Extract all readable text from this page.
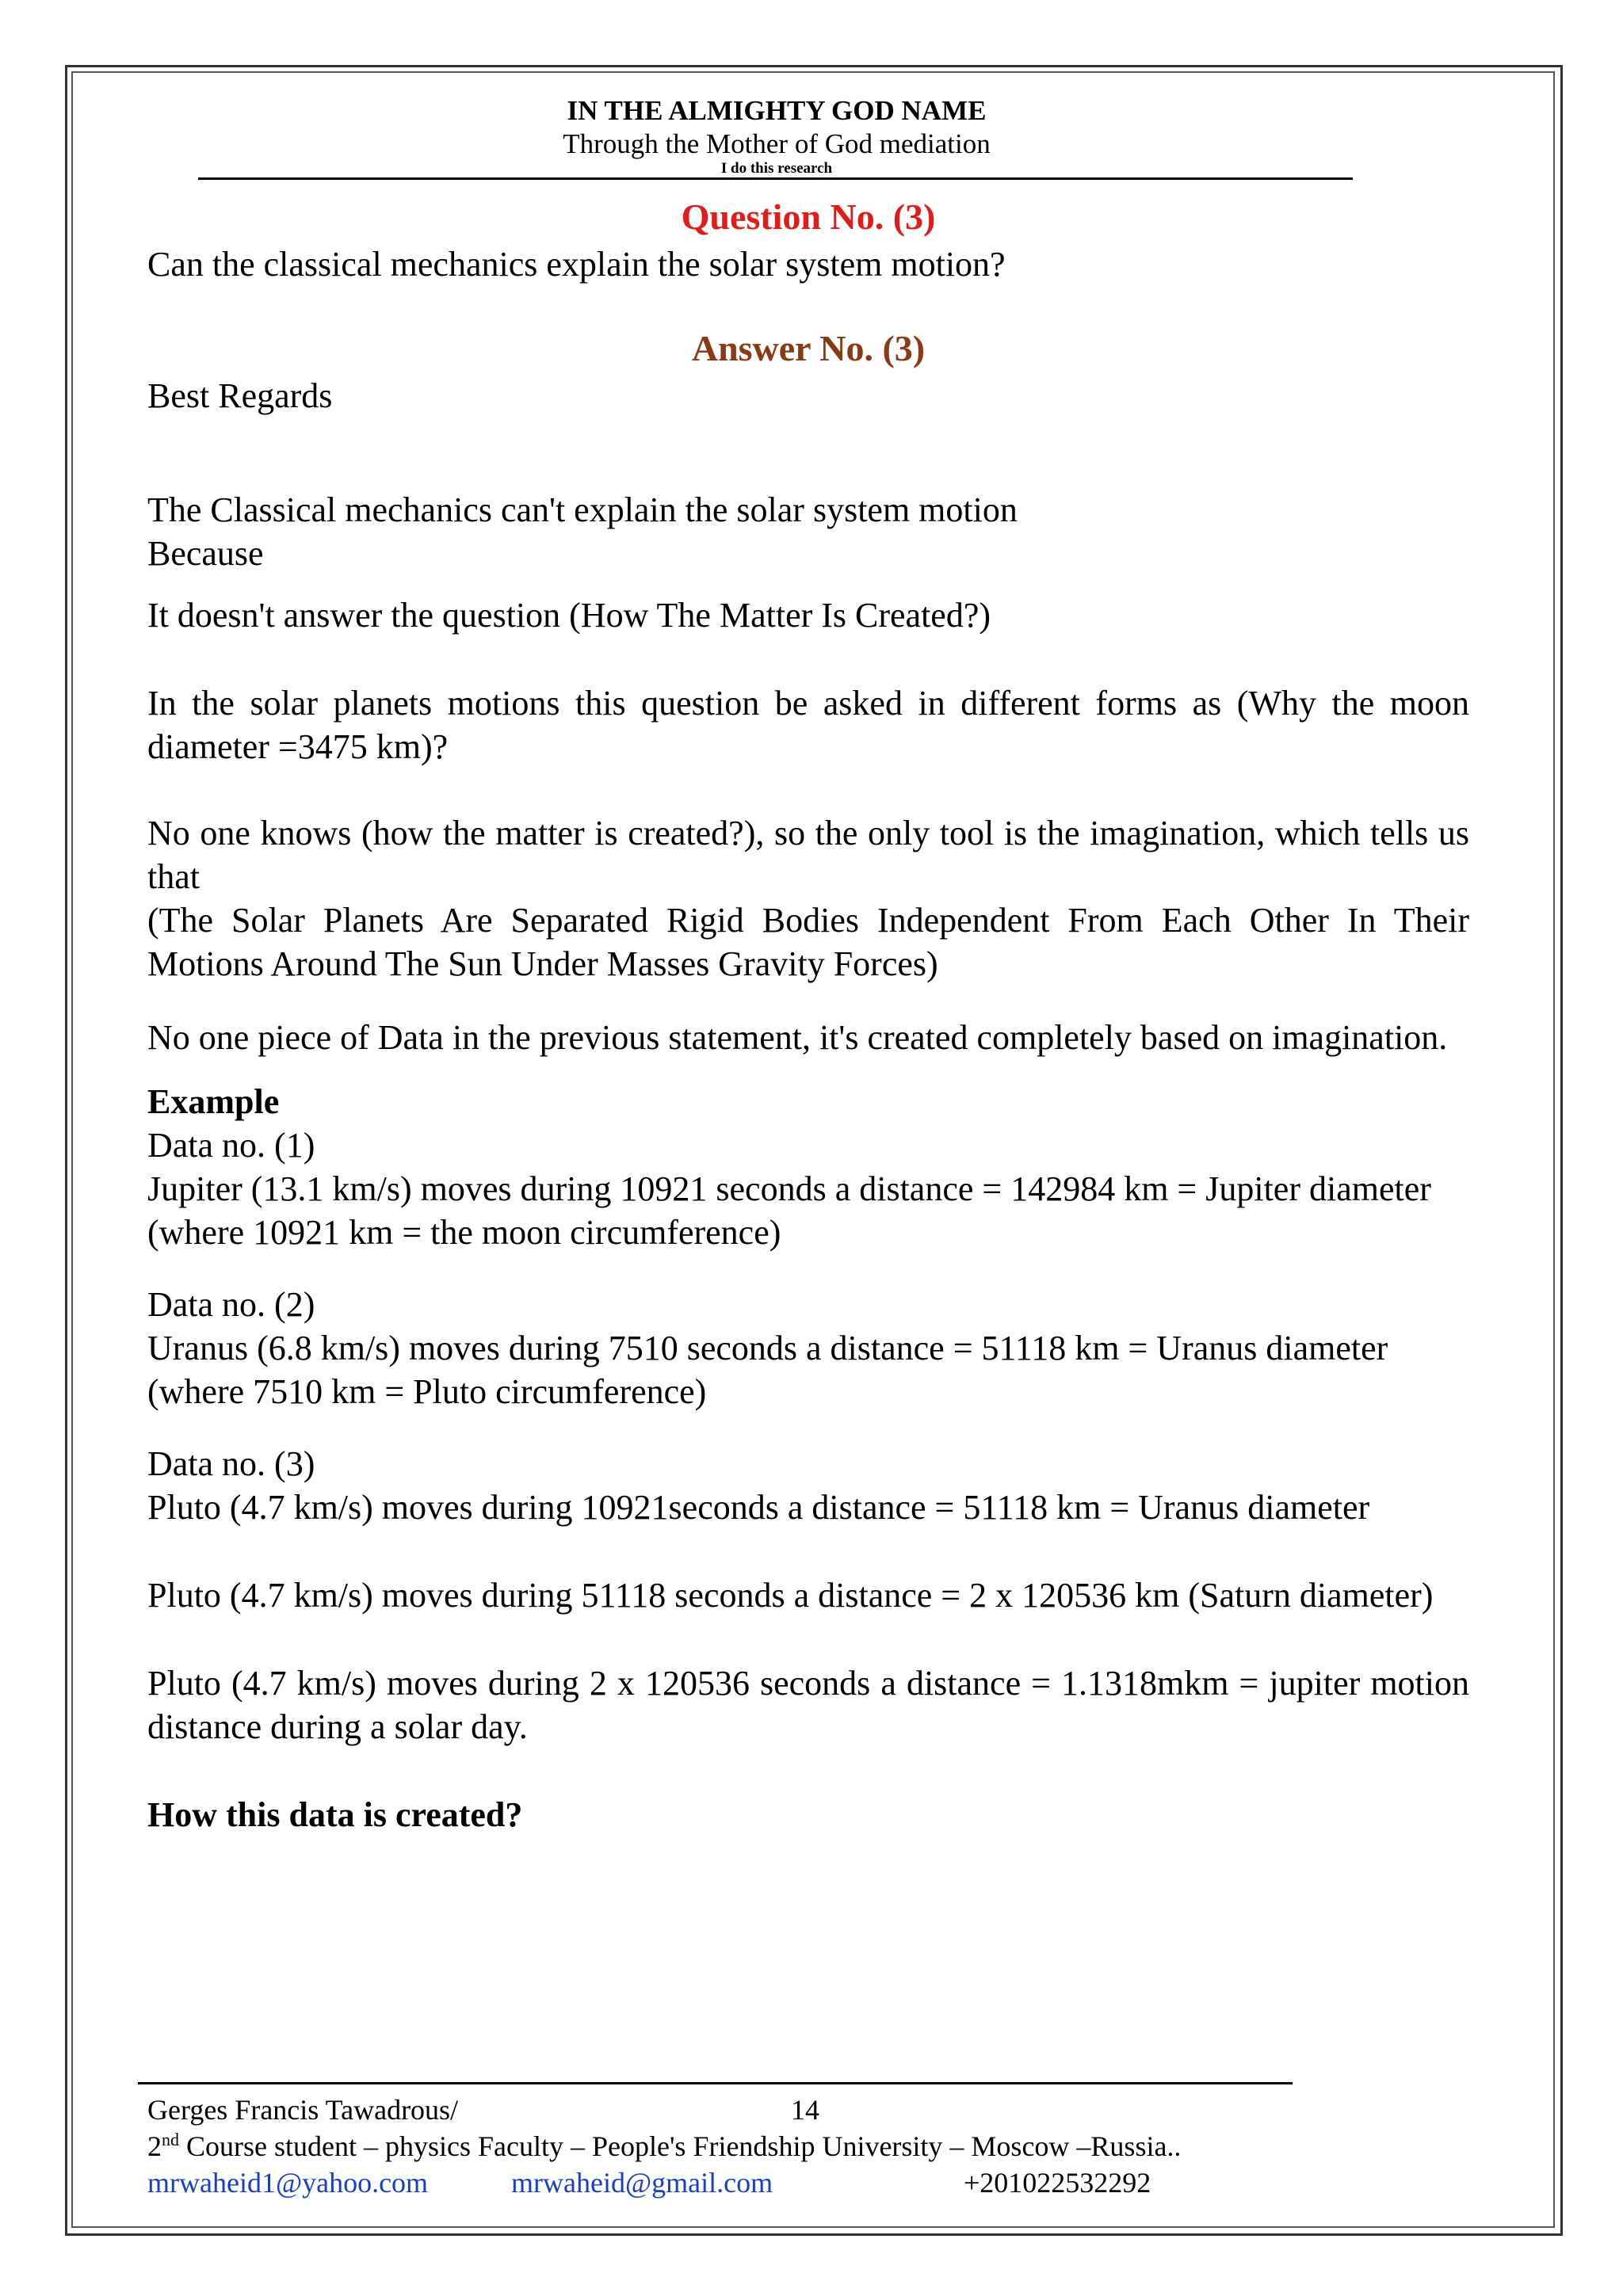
IN THE ALMIGHTY GOD NAME
Through the Mother of God mediation
I do this research

Question No. (3)

Can the classical mechanics explain the solar system motion?

Answer No. (3)

Best Regards

The Classical mechanics can't explain the solar system motion

Because

It doesn't answer the question (How The Matter Is Created?)

In the solar planets motions this question be asked in different forms as (Why the moon diameter =3475 km)?

No one knows (how the matter is created?), so the only tool is the imagination, which tells us that

(The Solar Planets Are Separated Rigid Bodies Independent From Each Other In Their Motions Around The Sun Under Masses Gravity Forces)

No one piece of Data in the previous statement, it's created completely based on imagination.

Example

Data no. (1)

Jupiter (13.1 km/s) moves during 10921 seconds a distance = 142984 km = Jupiter diameter

(where 10921 km = the moon circumference)

Data no. (2)

Uranus (6.8 km/s) moves during 7510 seconds a distance = 51118 km = Uranus diameter

(where 7510 km = Pluto circumference)

Data no. (3)

Pluto (4.7 km/s) moves during 10921seconds a distance = 51118 km = Uranus diameter

Pluto (4.7 km/s) moves during 51118 seconds a distance = 2 x 120536 km (Saturn diameter)

Pluto (4.7 km/s) moves during 2 x 120536 seconds a distance = 1.1318mkm = jupiter motion distance during a solar day.

How this data is created?

Gerges Francis Tawadrous/	14
2nd Course student – physics Faculty – People's Friendship University – Moscow –Russia..
mrwaheid1@yahoo.com	mrwaheid@gmail.com	+201022532292
